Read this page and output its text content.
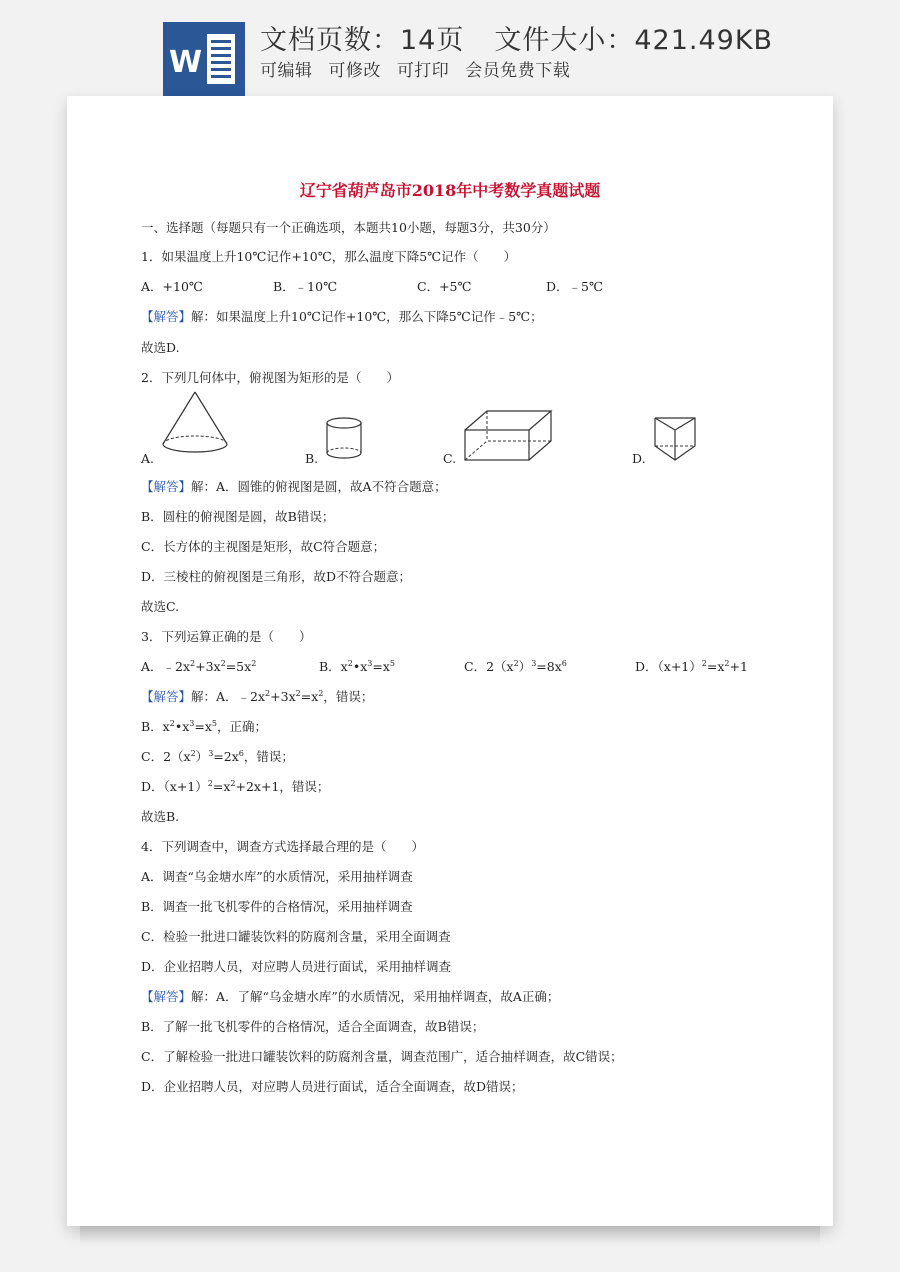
W
文档页数：14页 文件大小：421.49KB
可编辑 可修改 可打印 会员免费下载
辽宁省葫芦岛市2018年中考数学真题试题
一、选择题（每题只有一个正确选项，本题共10小题，每题3分，共30分）
1．如果温度上升10℃记作+10℃，那么温度下降5℃记作（　　）
A．+10℃	B．﹣10℃	C．+5℃	D．﹣5℃
【解答】解：如果温度上升10℃记作+10℃，那么下降5℃记作﹣5℃；
故选D.
2．下列几何体中，俯视图为矩形的是（　　）
A.	B.	C.	D.
【解答】解：A．圆锥的俯视图是圆，故A不符合题意；
B．圆柱的俯视图是圆，故B错误；
C．长方体的主视图是矩形，故C符合题意；
D．三棱柱的俯视图是三角形，故D不符合题意；
故选C.
3．下列运算正确的是（　　）
A．$﹣2x^2+3x^2=5x^2$	B．$x^2•x^3=x^5$	C．$2(x^2)^3=8x^6$	D．$(x+1)^2=x^2+1$
【解答】解：A．$﹣2x^2+3x^2=x^2$，错误；
B．$x^2•x^3=x^5$，正确；
C．$2(x^2)^3=2x^6$，错误；
D．$(x+1)^2=x^2+2x+1$，错误；
故选B.
4．下列调查中，调查方式选择最合理的是（　　）
A．调查“乌金塘水库”的水质情况，采用抽样调查
B．调查一批飞机零件的合格情况，采用抽样调查
C．检验一批进口罐装饮料的防腐剂含量，采用全面调查
D．企业招聘人员，对应聘人员进行面试，采用抽样调查
【解答】解：A．了解“乌金塘水库”的水质情况，采用抽样调查，故A正确；
B．了解一批飞机零件的合格情况，适合全面调查，故B错误；
C．了解检验一批进口罐装饮料的防腐剂含量，调查范围广，适合抽样调查，故C错误；
D．企业招聘人员，对应聘人员进行面试，适合全面调查，故D错误；
